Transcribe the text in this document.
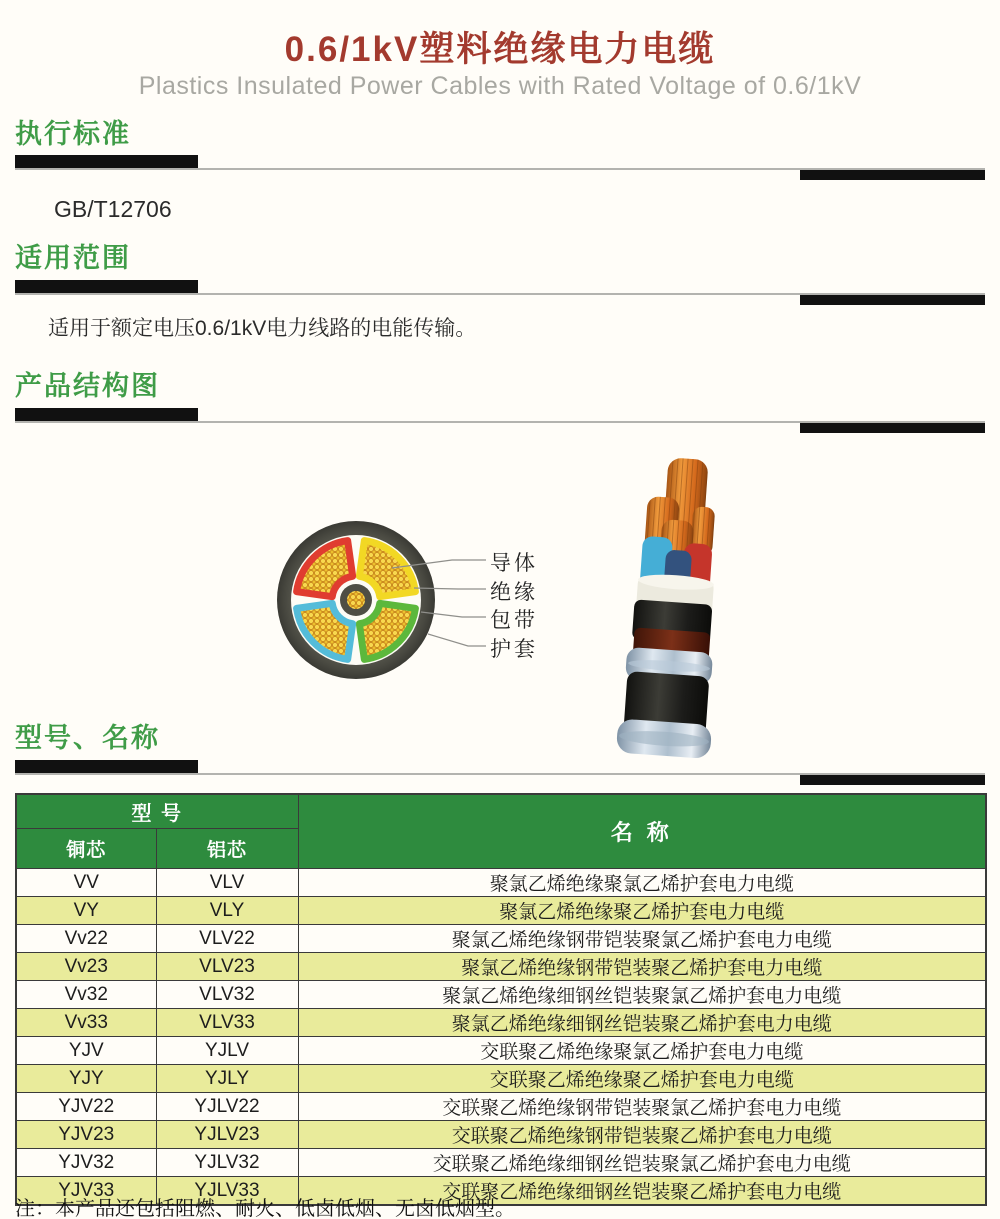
0.6/1kV塑料绝缘电力电缆
Plastics Insulated Power Cables with Rated Voltage of 0.6/1kV
执行标准
GB/T12706
适用范围
适用于额定电压0.6/1kV电力线路的电能传输。
产品结构图
导体
绝缘
包带
护套
型号、名称
型 号		名 称
铜芯	铝芯	
VV	VLV	聚氯乙烯绝缘聚氯乙烯护套电力电缆
VY	VLY	聚氯乙烯绝缘聚乙烯护套电力电缆
Vv22	VLV22	聚氯乙烯绝缘钢带铠装聚氯乙烯护套电力电缆
Vv23	VLV23	聚氯乙烯绝缘钢带铠装聚乙烯护套电力电缆
Vv32	VLV32	聚氯乙烯绝缘细钢丝铠装聚氯乙烯护套电力电缆
Vv33	VLV33	聚氯乙烯绝缘细钢丝铠装聚乙烯护套电力电缆
YJV	YJLV	交联聚乙烯绝缘聚氯乙烯护套电力电缆
YJY	YJLY	交联聚乙烯绝缘聚乙烯护套电力电缆
YJV22	YJLV22	交联聚乙烯绝缘钢带铠装聚氯乙烯护套电力电缆
YJV23	YJLV23	交联聚乙烯绝缘钢带铠装聚乙烯护套电力电缆
YJV32	YJLV32	交联聚乙烯绝缘细钢丝铠装聚氯乙烯护套电力电缆
YJV33	YJLV33	交联聚乙烯绝缘细钢丝铠装聚乙烯护套电力电缆
注：本产品还包括阻燃、耐火、低卤低烟、无卤低烟型。
